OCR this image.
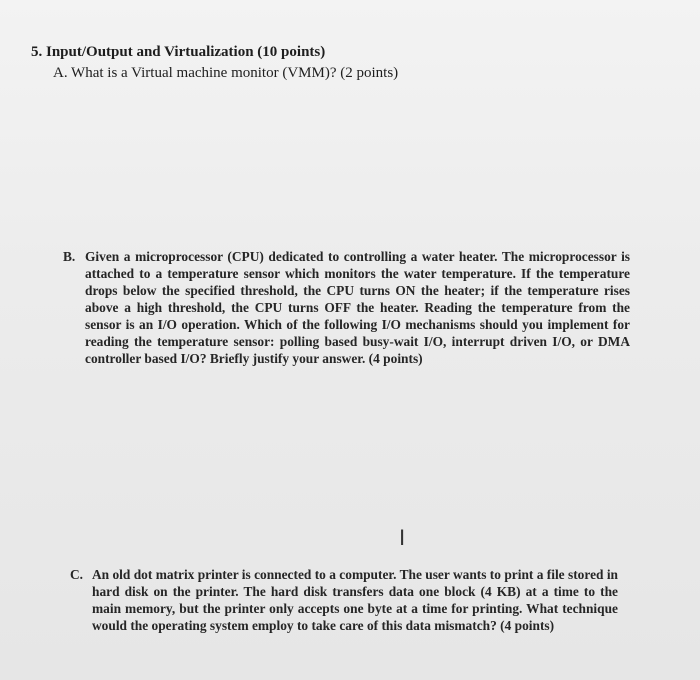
5. Input/Output and Virtualization (10 points)
A. What is a Virtual machine monitor (VMM)? (2 points)
B. Given a microprocessor (CPU) dedicated to controlling a water heater. The microprocessor is attached to a temperature sensor which monitors the water temperature. If the temperature drops below the specified threshold, the CPU turns ON the heater; if the temperature rises above a high threshold, the CPU turns OFF the heater. Reading the temperature from the sensor is an I/O operation. Which of the following I/O mechanisms should you implement for reading the temperature sensor: polling based busy-wait I/O, interrupt driven I/O, or DMA controller based I/O? Briefly justify your answer. (4 points)
I
C. An old dot matrix printer is connected to a computer. The user wants to print a file stored in hard disk on the printer. The hard disk transfers data one block (4 KB) at a time to the main memory, but the printer only accepts one byte at a time for printing. What technique would the operating system employ to take care of this data mismatch? (4 points)
